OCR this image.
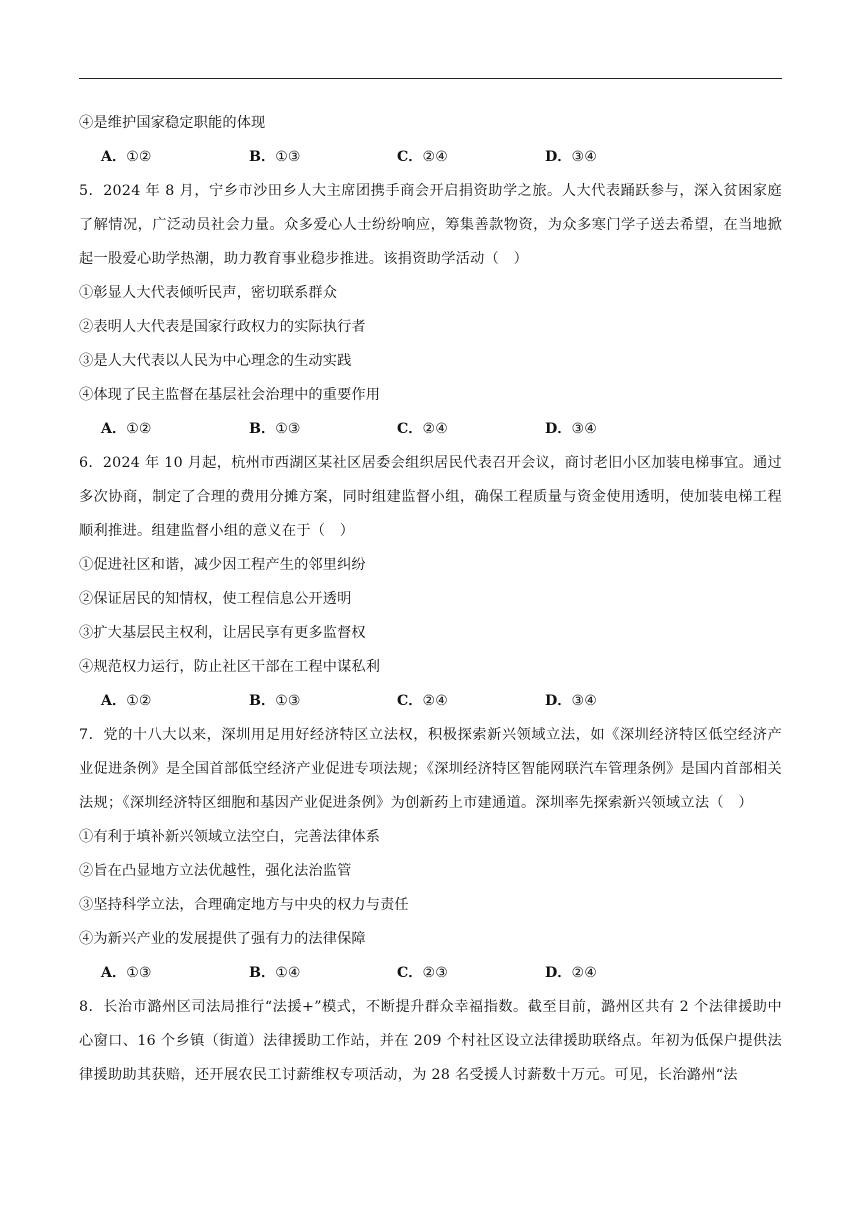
④是维护国家稳定职能的体现
A．①②	B．①③	C．②④	D．③④
5．2024 年 8 月，宁乡市沙田乡人大主席团携手商会开启捐资助学之旅。人大代表踊跃参与，深入贫困家庭了解情况，广泛动员社会力量。众多爱心人士纷纷响应，筹集善款物资，为众多寒门学子送去希望，在当地掀起一股爱心助学热潮，助力教育事业稳步推进。该捐资助学活动（　）
①彰显人大代表倾听民声，密切联系群众
②表明人大代表是国家行政权力的实际执行者
③是人大代表以人民为中心理念的生动实践
④体现了民主监督在基层社会治理中的重要作用
A．①②	B．①③	C．②④	D．③④
6．2024 年 10 月起，杭州市西湖区某社区居委会组织居民代表召开会议，商讨老旧小区加装电梯事宜。通过多次协商，制定了合理的费用分摊方案，同时组建监督小组，确保工程质量与资金使用透明，使加装电梯工程顺利推进。组建监督小组的意义在于（　）
①促进社区和谐，减少因工程产生的邻里纠纷
②保证居民的知情权，使工程信息公开透明
③扩大基层民主权利，让居民享有更多监督权
④规范权力运行，防止社区干部在工程中谋私利
A．①②	B．①③	C．②④	D．③④
7．党的十八大以来，深圳用足用好经济特区立法权，积极探索新兴领域立法，如《深圳经济特区低空经济产业促进条例》是全国首部低空经济产业促进专项法规；《深圳经济特区智能网联汽车管理条例》是国内首部相关法规；《深圳经济特区细胞和基因产业促进条例》为创新药上市建通道。深圳率先探索新兴领域立法（　）
①有利于填补新兴领域立法空白，完善法律体系
②旨在凸显地方立法优越性，强化法治监管
③坚持科学立法，合理确定地方与中央的权力与责任
④为新兴产业的发展提供了强有力的法律保障
A．①③	B．①④	C．②③	D．②④
8．长治市潞州区司法局推行“法援+”模式，不断提升群众幸福指数。截至目前，潞州区共有 2 个法律援助中心窗口、16 个乡镇（街道）法律援助工作站，并在 209 个村社区设立法律援助联络点。年初为低保户提供法律援助助其获赔，还开展农民工讨薪维权专项活动，为 28 名受援人讨薪数十万元。可见，长治潞州“法
